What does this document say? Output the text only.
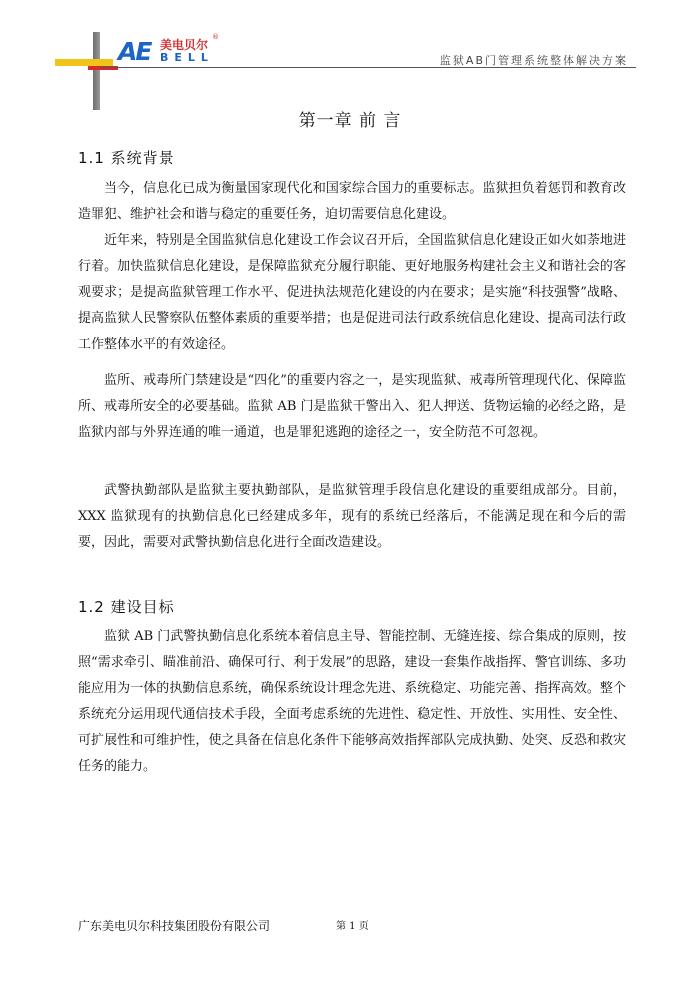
AE 美电贝尔
®
BELL	监狱AB门管理系统整体解决方案
第一章 前 言
1.1 系统背景

当今，信息化已成为衡量国家现代化和国家综合国力的重要标志。监狱担负着惩罚和教育改造罪犯、维护社会和谐与稳定的重要任务，迫切需要信息化建设。

近年来，特别是全国监狱信息化建设工作会议召开后，全国监狱信息化建设正如火如荼地进行着。加快监狱信息化建设，是保障监狱充分履行职能、更好地服务构建社会主义和谐社会的客观要求；是提高监狱管理工作水平、促进执法规范化建设的内在要求；是实施“科技强警”战略、提高监狱人民警察队伍整体素质的重要举措；也是促进司法行政系统信息化建设、提高司法行政工作整体水平的有效途径。

监所、戒毒所门禁建设是“四化”的重要内容之一，是实现监狱、戒毒所管理现代化、保障监所、戒毒所安全的必要基础。监狱 AB 门是监狱干警出入、犯人押送、货物运输的必经之路，是监狱内部与外界连通的唯一通道，也是罪犯逃跑的途径之一，安全防范不可忽视。

武警执勤部队是监狱主要执勤部队，是监狱管理手段信息化建设的重要组成部分。目前，XXX 监狱现有的执勤信息化已经建成多年，现有的系统已经落后，不能满足现在和今后的需要，因此，需要对武警执勤信息化进行全面改造建设。

1.2 建设目标

监狱 AB 门武警执勤信息化系统本着信息主导、智能控制、无缝连接、综合集成的原则，按照“需求牵引、瞄准前沿、确保可行、利于发展”的思路，建设一套集作战指挥、警官训练、多功能应用为一体的执勤信息系统，确保系统设计理念先进、系统稳定、功能完善、指挥高效。整个系统充分运用现代通信技术手段，全面考虑系统的先进性、稳定性、开放性、实用性、安全性、可扩展性和可维护性，使之具备在信息化条件下能够高效指挥部队完成执勤、处突、反恐和救灾任务的能力。

广东美电贝尔科技集团股份有限公司	第 1 页
